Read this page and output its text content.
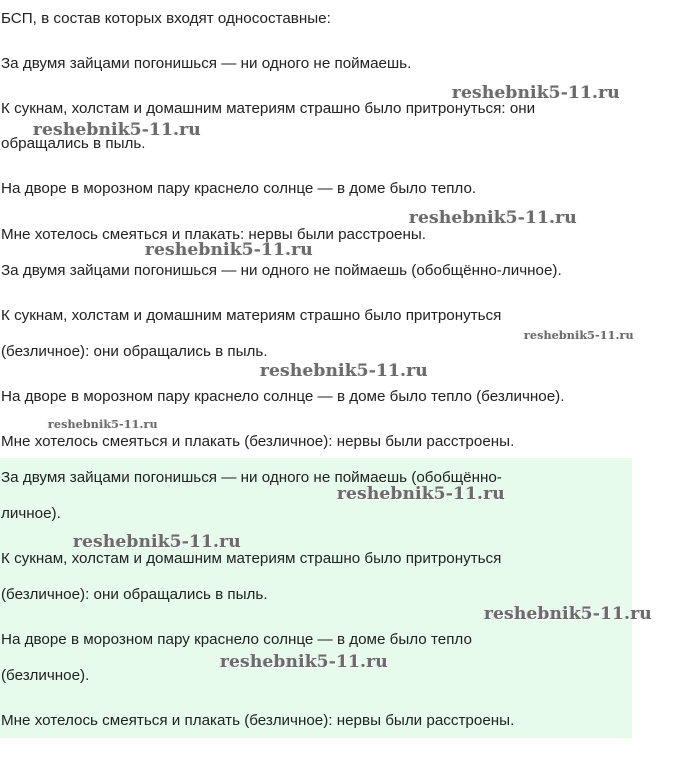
БСП, в состав которых входят односоставные:
За двумя зайцами погонишься — ни одного не поймаешь.
К сукнам, холстам и домашним материям страшно было притронуться: они
обращались в пыль.
На дворе в морозном пару краснело солнце — в доме было тепло.
Мне хотелось смеяться и плакать: нервы были расстроены.
За двумя зайцами погонишься — ни одного не поймаешь (обобщённо-личное).
К сукнам, холстам и домашним материям страшно было притронуться
(безличное): они обращались в пыль.
На дворе в морозном пару краснело солнце — в доме было тепло (безличное).
Мне хотелось смеяться и плакать (безличное): нервы были расстроены.
За двумя зайцами погонишься — ни одного не поймаешь (обобщённо-
личное).
К сукнам, холстам и домашним материям страшно было притронуться
(безличное): они обращались в пыль.
На дворе в морозном пару краснело солнце — в доме было тепло
(безличное).
Мне хотелось смеяться и плакать (безличное): нервы были расстроены.
reshebnik5-11.ru
reshebnik5-11.ru
reshebnik5-11.ru
reshebnik5-11.ru
reshebnik5-11.ru
reshebnik5-11.ru
reshebnik5-11.ru
reshebnik5-11.ru
reshebnik5-11.ru
reshebnik5-11.ru
reshebnik5-11.ru
